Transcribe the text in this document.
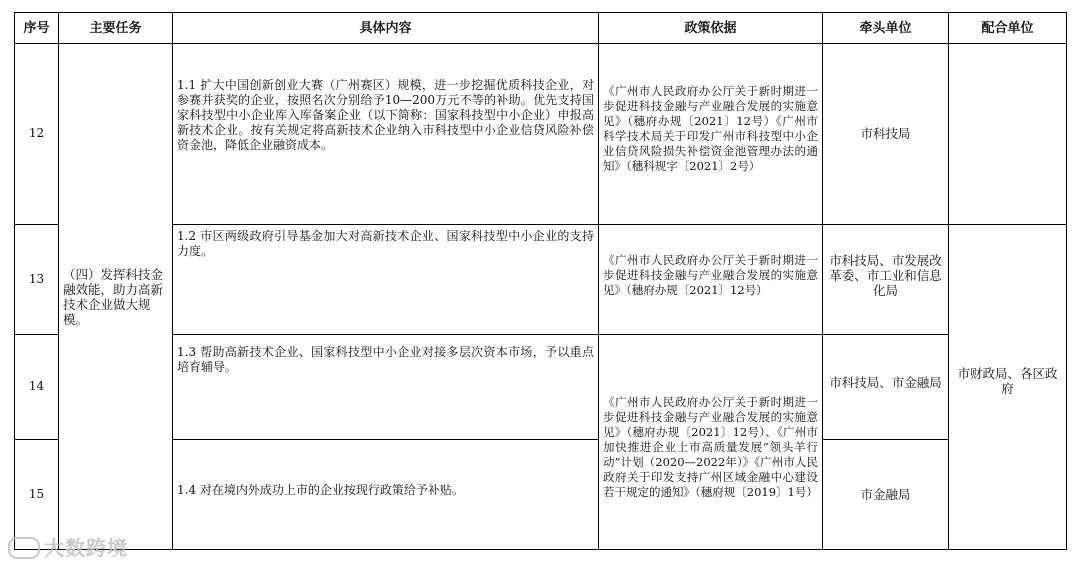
序号	主要任务	具体内容	政策依据	牵头单位	配合单位
12	（四）发挥科技金融效能，助力高新技术企业做大规模。	1.1 扩大中国创新创业大赛（广州赛区）规模，进一步挖掘优质科技企业，对参赛并获奖的企业，按照名次分别给予10—200万元不等的补助。优先支持国家科技型中小企业库入库备案企业（以下简称：国家科技型中小企业）申报高新技术企业。按有关规定将高新技术企业纳入市科技型中小企业信贷风险补偿资金池，降低企业融资成本。	《广州市人民政府办公厅关于新时期进一步促进科技金融与产业融合发展的实施意见》（穗府办规〔2021〕12号）《广州市科学技术局关于印发广州市科技型中小企业信贷风险损失补偿资金池管理办法的通知》（穗科规字〔2021〕2号）	市科技局	

13		1.2 市区两级政府引导基金加大对高新技术企业、国家科技型中小企业的支持力度。	《广州市人民政府办公厅关于新时期进一步促进科技金融与产业融合发展的实施意见》（穗府办规〔2021〕12号）	市科技局、市发展改革委、市工业和信息化局	市财政局、各区政府

14		1.3 帮助高新技术企业、国家科技型中小企业对接多层次资本市场，予以重点培育辅导。	《广州市人民政府办公厅关于新时期进一步促进科技金融与产业融合发展的实施意见》（穗府办规〔2021〕12号）、《广州市加快推进企业上市高质量发展“领头羊行动”计划（2020—2022年）》《广州市人民政府关于印发支持广州区域金融中心建设若干规定的通知》（穗府规〔2019〕1号）	市科技局、市金融局	

15		1.4 对在境内外成功上市的企业按现行政策给予补贴。		市金融局	
大数跨境
